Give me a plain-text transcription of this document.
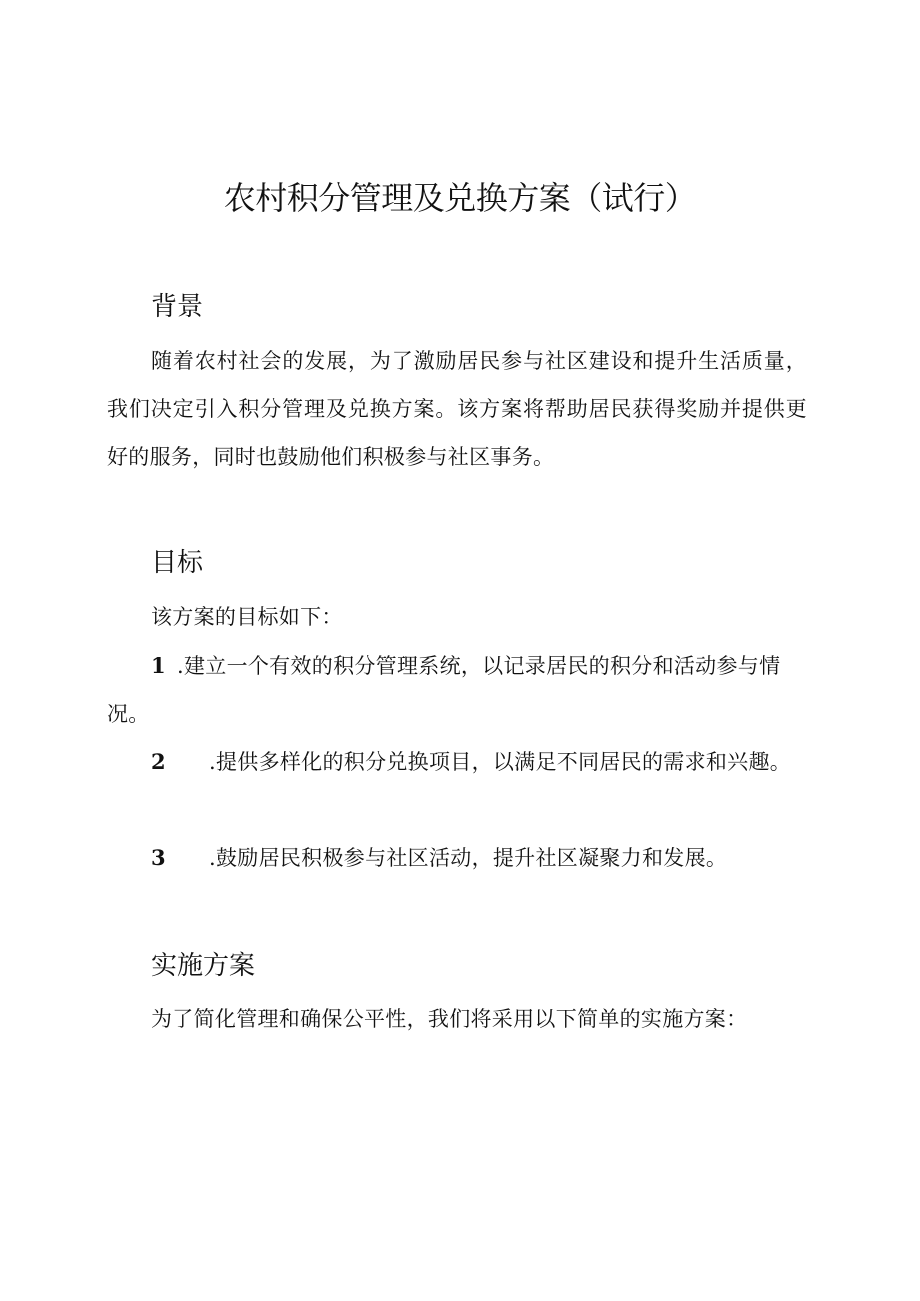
农村积分管理及兑换方案（试行）
背景

随着农村社会的发展，为了激励居民参与社区建设和提升生活质量，我们决定引入积分管理及兑换方案。该方案将帮助居民获得奖励并提供更好的服务，同时也鼓励他们积极参与社区事务。

目标

该方案的目标如下：

1 .建立一个有效的积分管理系统，以记录居民的积分和活动参与情况。

2 .提供多样化的积分兑换项目，以满足不同居民的需求和兴趣。

3 .鼓励居民积极参与社区活动，提升社区凝聚力和发展。

实施方案

为了简化管理和确保公平性，我们将采用以下简单的实施方案：
